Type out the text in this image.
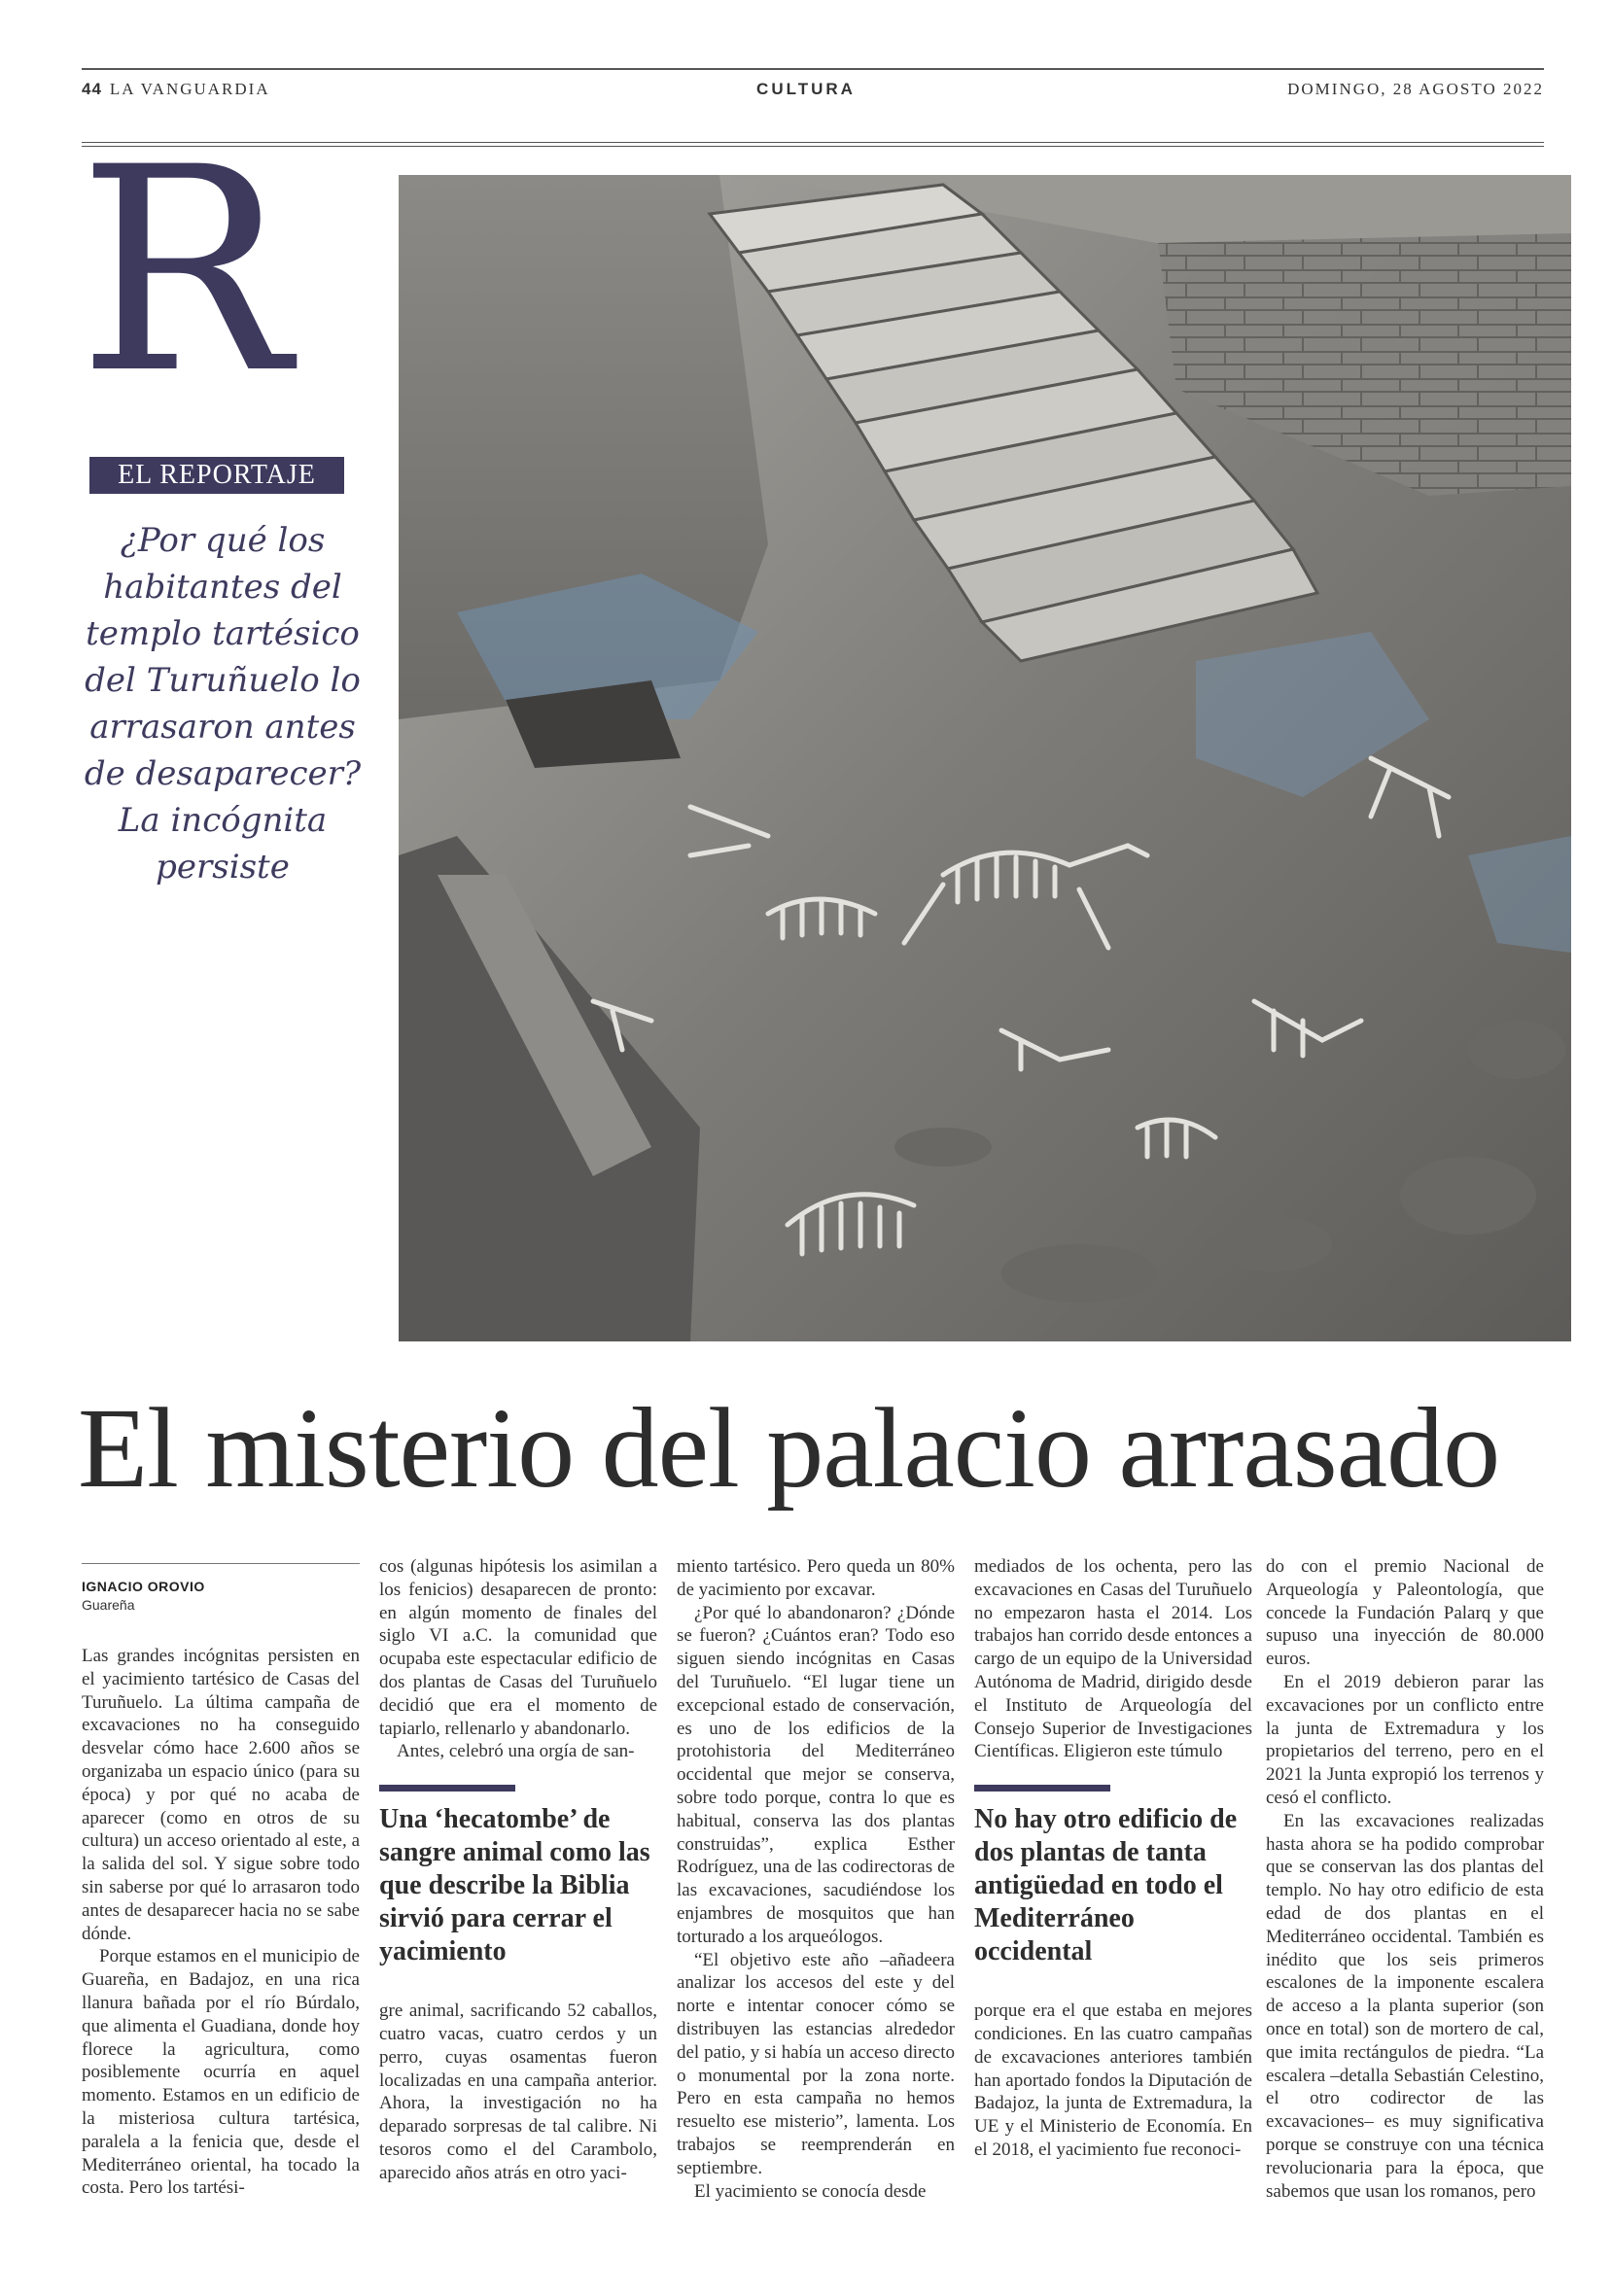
44 LA VANGUARDIA	CULTURA	DOMINGO, 28 AGOSTO 2022
R
EL REPORTAJE
¿Por qué los habitantes del templo tartésico del Turuñuelo lo arrasaron antes de desaparecer? La incógnita persiste
El misterio del palacio arrasado
IGNACIO OROVIO
Guareña

Las grandes incógnitas persisten en el yacimiento tartésico de Casas del Turuñuelo. La última campaña de excavaciones no ha conseguido desvelar cómo hace 2.600 años se organizaba un espacio único (para su época) y por qué no acaba de aparecer (como en otros de su cultura) un acceso orientado al este, a la salida del sol. Y sigue sobre todo sin saberse por qué lo arrasaron todo antes de desaparecer hacia no se sabe dónde.

Porque estamos en el municipio de Guareña, en Badajoz, en una rica llanura bañada por el río Búrdalo, que alimenta el Guadiana, donde hoy florece la agricultura, como posiblemente ocurría en aquel momento. Estamos en un edificio de la misteriosa cultura tartésica, paralela a la fenicia que, desde el Mediterráneo oriental, ha tocado la costa. Pero los tartési-

cos (algunas hipótesis los asimilan a los fenicios) desaparecen de pronto: en algún momento de finales del siglo VI a.C. la comunidad que ocupaba este espectacular edificio de dos plantas de Casas del Turuñuelo decidió que era el momento de tapiarlo, rellenarlo y abandonarlo.

Antes, celebró una orgía de san-

Una ‘hecatombe’ de sangre animal como las que describe la Biblia sirvió para cerrar el yacimiento

gre animal, sacrificando 52 caballos, cuatro vacas, cuatro cerdos y un perro, cuyas osamentas fueron localizadas en una campaña anterior. Ahora, la investigación no ha deparado sorpresas de tal calibre. Ni tesoros como el del Carambolo, aparecido años atrás en otro yaci-

miento tartésico. Pero queda un 80% de yacimiento por excavar.

¿Por qué lo abandonaron? ¿Dónde se fueron? ¿Cuántos eran? Todo eso siguen siendo incógnitas en Casas del Turuñuelo. “El lugar tiene un excepcional estado de conservación, es uno de los edificios de la protohistoria del Mediterráneo occidental que mejor se conserva, sobre todo porque, contra lo que es habitual, conserva las dos plantas construidas”, explica Esther Rodríguez, una de las codirectoras de las excavaciones, sacudiéndose los enjambres de mosquitos que han torturado a los arqueólogos.

“El objetivo este año –añadeera analizar los accesos del este y del norte e intentar conocer cómo se distribuyen las estancias alrededor del patio, y si había un acceso directo o monumental por la zona norte. Pero en esta campaña no hemos resuelto ese misterio”, lamenta. Los trabajos se reemprenderán en septiembre.

El yacimiento se conocía desde

mediados de los ochenta, pero las excavaciones en Casas del Turuñuelo no empezaron hasta el 2014. Los trabajos han corrido desde entonces a cargo de un equipo de la Universidad Autónoma de Madrid, dirigido desde el Instituto de Arqueología del Consejo Superior de Investigaciones Científicas. Eligieron este túmulo

No hay otro edificio de dos plantas de tanta antigüedad en todo el Mediterráneo occidental

porque era el que estaba en mejores condiciones. En las cuatro campañas de excavaciones anteriores también han aportado fondos la Diputación de Badajoz, la junta de Extremadura, la UE y el Ministerio de Economía. En el 2018, el yacimiento fue reconoci-

do con el premio Nacional de Arqueología y Paleontología, que concede la Fundación Palarq y que supuso una inyección de 80.000 euros.

En el 2019 debieron parar las excavaciones por un conflicto entre la junta de Extremadura y los propietarios del terreno, pero en el 2021 la Junta expropió los terrenos y cesó el conflicto.

En las excavaciones realizadas hasta ahora se ha podido comprobar que se conservan las dos plantas del templo. No hay otro edificio de esta edad de dos plantas en el Mediterráneo occidental. También es inédito que los seis primeros escalones de la imponente escalera de acceso a la planta superior (son once en total) son de mortero de cal, que imita rectángulos de piedra. “La escalera –detalla Sebastián Celestino, el otro codirector de las excavaciones– es muy significativa porque se construye con una técnica revolucionaria para la época, que sabemos que usan los romanos, pero
